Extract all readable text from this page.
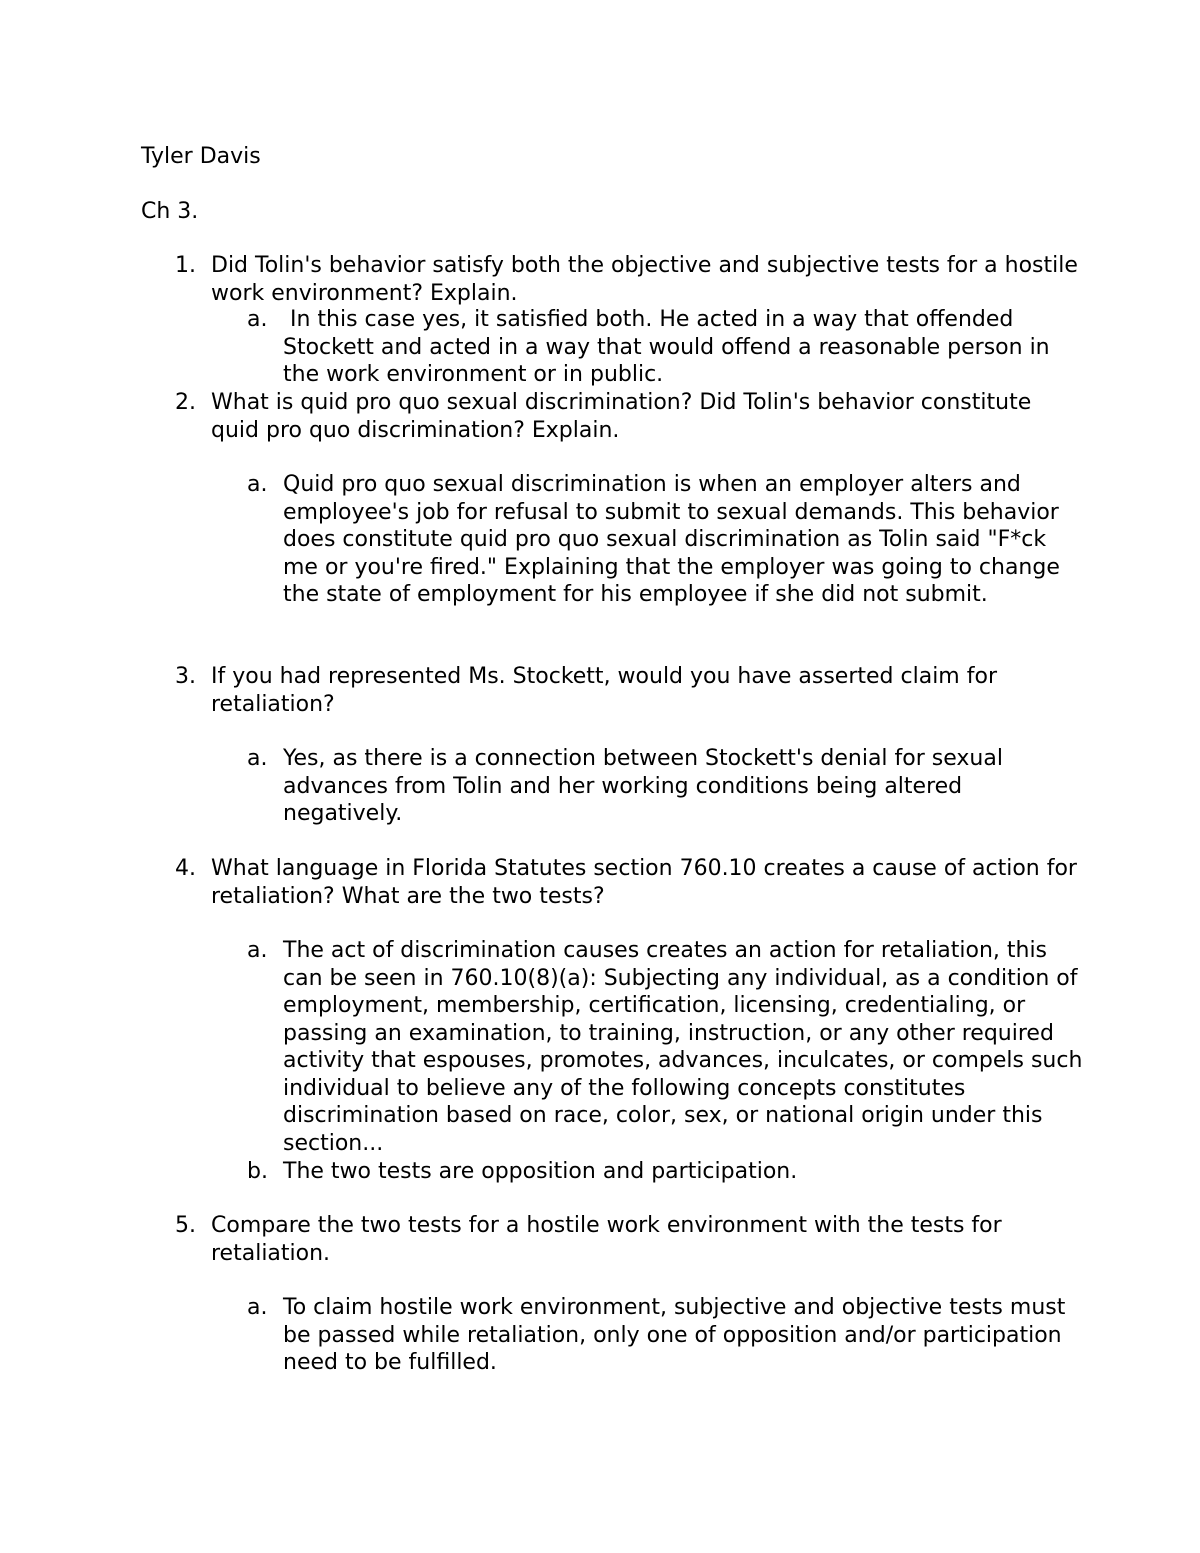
Tyler Davis
Ch 3.
1. Did Tolin's behavior satisfy both the objective and subjective tests for a hostile work environment? Explain.

a. In this case yes, it satisfied both. He acted in a way that offended Stockett and acted in a way that would offend a reasonable person in the work environment or in public.

2. What is quid pro quo sexual discrimination? Did Tolin's behavior constitute quid pro quo discrimination? Explain.

a. Quid pro quo sexual discrimination is when an employer alters and employee's job for refusal to submit to sexual demands. This behavior does constitute quid pro quo sexual discrimination as Tolin said "F*ck me or you're fired." Explaining that the employer was going to change the state of employment for his employee if she did not submit.

3. If you had represented Ms. Stockett, would you have asserted claim for retaliation?

a. Yes, as there is a connection between Stockett's denial for sexual advances from Tolin and her working conditions being altered negatively.

4. What language in Florida Statutes section 760.10 creates a cause of action for retaliation? What are the two tests?

a. The act of discrimination causes creates an action for retaliation, this can be seen in 760.10(8)(a): Subjecting any individual, as a condition of employment, membership, certification, licensing, credentialing, or passing an examination, to training, instruction, or any other required activity that espouses, promotes, advances, inculcates, or compels such individual to believe any of the following concepts constitutes discrimination based on race, color, sex, or national origin under this section...

b. The two tests are opposition and participation.

5. Compare the two tests for a hostile work environment with the tests for retaliation.

a. To claim hostile work environment, subjective and objective tests must be passed while retaliation, only one of opposition and/or participation need to be fulfilled.
